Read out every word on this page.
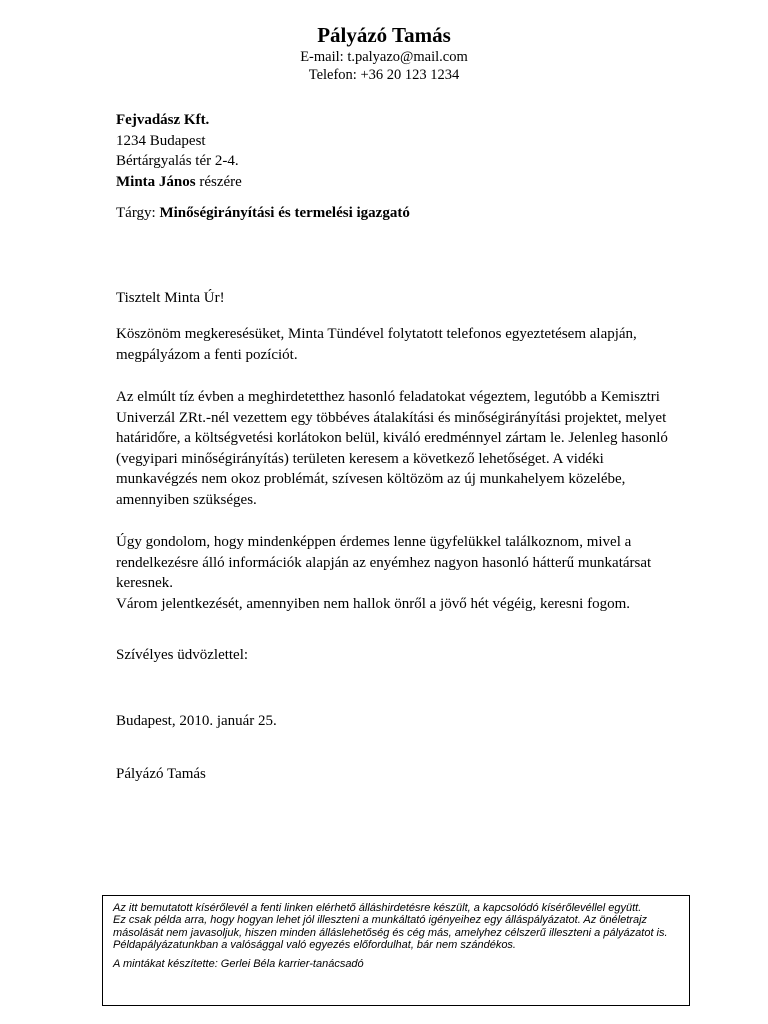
Pályázó Tamás
E-mail: t.palyazo@mail.com
Telefon: +36 20 123 1234
Fejvadász Kft.
1234 Budapest
Bértárgyalás tér 2-4.
Minta János részére
Tárgy: Minőségirányítási és termelési igazgató

Tisztelt Minta Úr!

Köszönöm megkeresésüket, Minta Tündével folytatott telefonos egyeztetésem alapján, megpályázom a fenti pozíciót.

Az elmúlt tíz évben a meghirdetetthez hasonló feladatokat végeztem, legutóbb a Kemisztri Univerzál ZRt.-nél vezettem egy többéves átalakítási és minőségirányítási projektet, melyet határidőre, a költségvetési korlátokon belül, kiváló eredménnyel zártam le. Jelenleg hasonló (vegyipari minőségirányítás) területen keresem a következő lehetőséget. A vidéki munkavégzés nem okoz problémát, szívesen költözöm az új munkahelyem közelébe, amennyiben szükséges.

Úgy gondolom, hogy mindenképpen érdemes lenne ügyfelükkel találkoznom, mivel a rendelkezésre álló információk alapján az enyémhez nagyon hasonló hátterű munkatársat keresnek.

Várom jelentkezését, amennyiben nem hallok önről a jövő hét végéig, keresni fogom.

Szívélyes üdvözlettel:

Budapest, 2010. január 25.

Pályázó Tamás

Az itt bemutatott kísérőlevél a fenti linken elérhető álláshirdetésre készült, a kapcsolódó kísérőlevéllel együtt.
Ez csak példa arra, hogy hogyan lehet jól illeszteni a munkáltató igényeihez egy álláspályázatot. Az önéletrajz másolását nem javasoljuk, hiszen minden álláslehetőség és cég más, amelyhez célszerű illeszteni a pályázatot is.
Példapályázatunkban a valósággal való egyezés előfordulhat, bár nem szándékos.
A mintákat készítette: Gerlei Béla karrier-tanácsadó
